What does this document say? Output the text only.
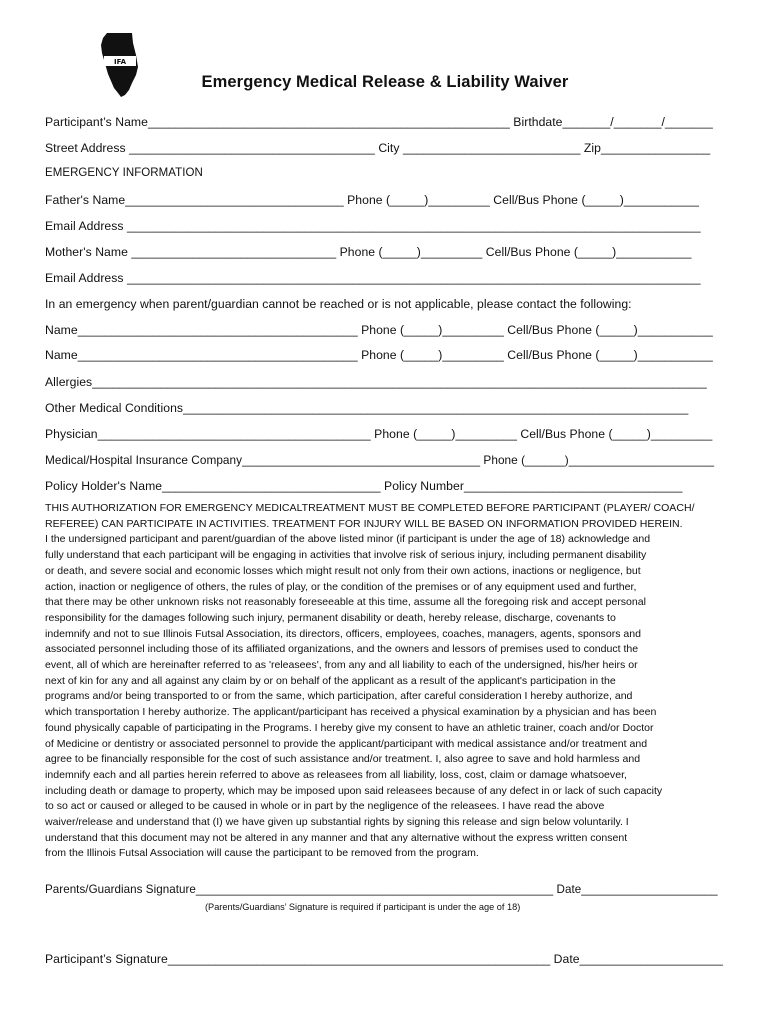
IFA
Emergency Medical Release & Liability Waiver
Participant’s Name_____________________________________________________ Birthdate_______/_______/_______
Street Address ____________________________________ City __________________________ Zip________________
EMERGENCY INFORMATION
Father's Name________________________________ Phone (_____)_________ Cell/Bus Phone (_____)___________
Email Address ____________________________________________________________________________________
Mother's Name ______________________________ Phone (_____)_________ Cell/Bus Phone (_____)___________
Email Address ____________________________________________________________________________________
In an emergency when parent/guardian cannot be reached or is not applicable, please contact the following:
Name_________________________________________ Phone (_____)_________ Cell/Bus Phone (_____)___________
Name_________________________________________ Phone (_____)_________ Cell/Bus Phone (_____)___________
Allergies__________________________________________________________________________________________
Other Medical Conditions__________________________________________________________________________
Physician________________________________________ Phone (_____)_________ Cell/Bus Phone (_____)_________
Medical/Hospital Insurance Company____________________________________ Phone (______)______________________
Policy Holder's Name________________________________ Policy Number________________________________
THIS AUTHORIZATION FOR EMERGENCY MEDICALTREATMENT MUST BE COMPLETED BEFORE PARTICIPANT (PLAYER/ COACH/
REFEREE) CAN PARTICIPATE IN ACTIVITIES. TREATMENT FOR INJURY WILL BE BASED ON INFORMATION PROVIDED HEREIN.
I the undersigned participant and parent/guardian of the above listed minor (if participant is under the age of 18) acknowledge and
fully understand that each participant will be engaging in activities that involve risk of serious injury, including permanent disability
or death, and severe social and economic losses which might result not only from their own actions, inactions or negligence, but
action, inaction or negligence of others, the rules of play, or the condition of the premises or of any equipment used and further,
that there may be other unknown risks not reasonably foreseeable at this time, assume all the foregoing risk and accept personal
responsibility for the damages following such injury, permanent disability or death, hereby release, discharge, covenants to
indemnify and not to sue Illinois Futsal Association, its directors, officers, employees, coaches, managers, agents, sponsors and
associated personnel including those of its affiliated organizations, and the owners and lessors of premises used to conduct the
event, all of which are hereinafter referred to as 'releasees', from any and all liability to each of the undersigned, his/her heirs or
next of kin for any and all against any claim by or on behalf of the applicant as a result of the applicant's participation in the
programs and/or being transported to or from the same, which participation, after careful consideration I hereby authorize, and
which transportation I hereby authorize. The applicant/participant has received a physical examination by a physician and has been
found physically capable of participating in the Programs. I hereby give my consent to have an athletic trainer, coach and/or Doctor
of Medicine or dentistry or associated personnel to provide the applicant/participant with medical assistance and/or treatment and
agree to be financially responsible for the cost of such assistance and/or treatment. I, also agree to save and hold harmless and
indemnify each and all parties herein referred to above as releasees from all liability, loss, cost, claim or damage whatsoever,
including death or damage to property, which may be imposed upon said releasees because of any defect in or lack of such capacity
to so act or caused or alleged to be caused in whole or in part by the negligence of the releasees. I have read the above
waiver/release and understand that (I) we have given up substantial rights by signing this release and sign below voluntarily. I
understand that this document may not be altered in any manner and that any alternative without the express written consent
from the Illinois Futsal Association will cause the participant to be removed from the program.
Parents/Guardians Signature_______________________________________________________ Date_____________________
(Parents/Guardians’ Signature is required if participant is under the age of 18)
Participant’s Signature________________________________________________________ Date_____________________
